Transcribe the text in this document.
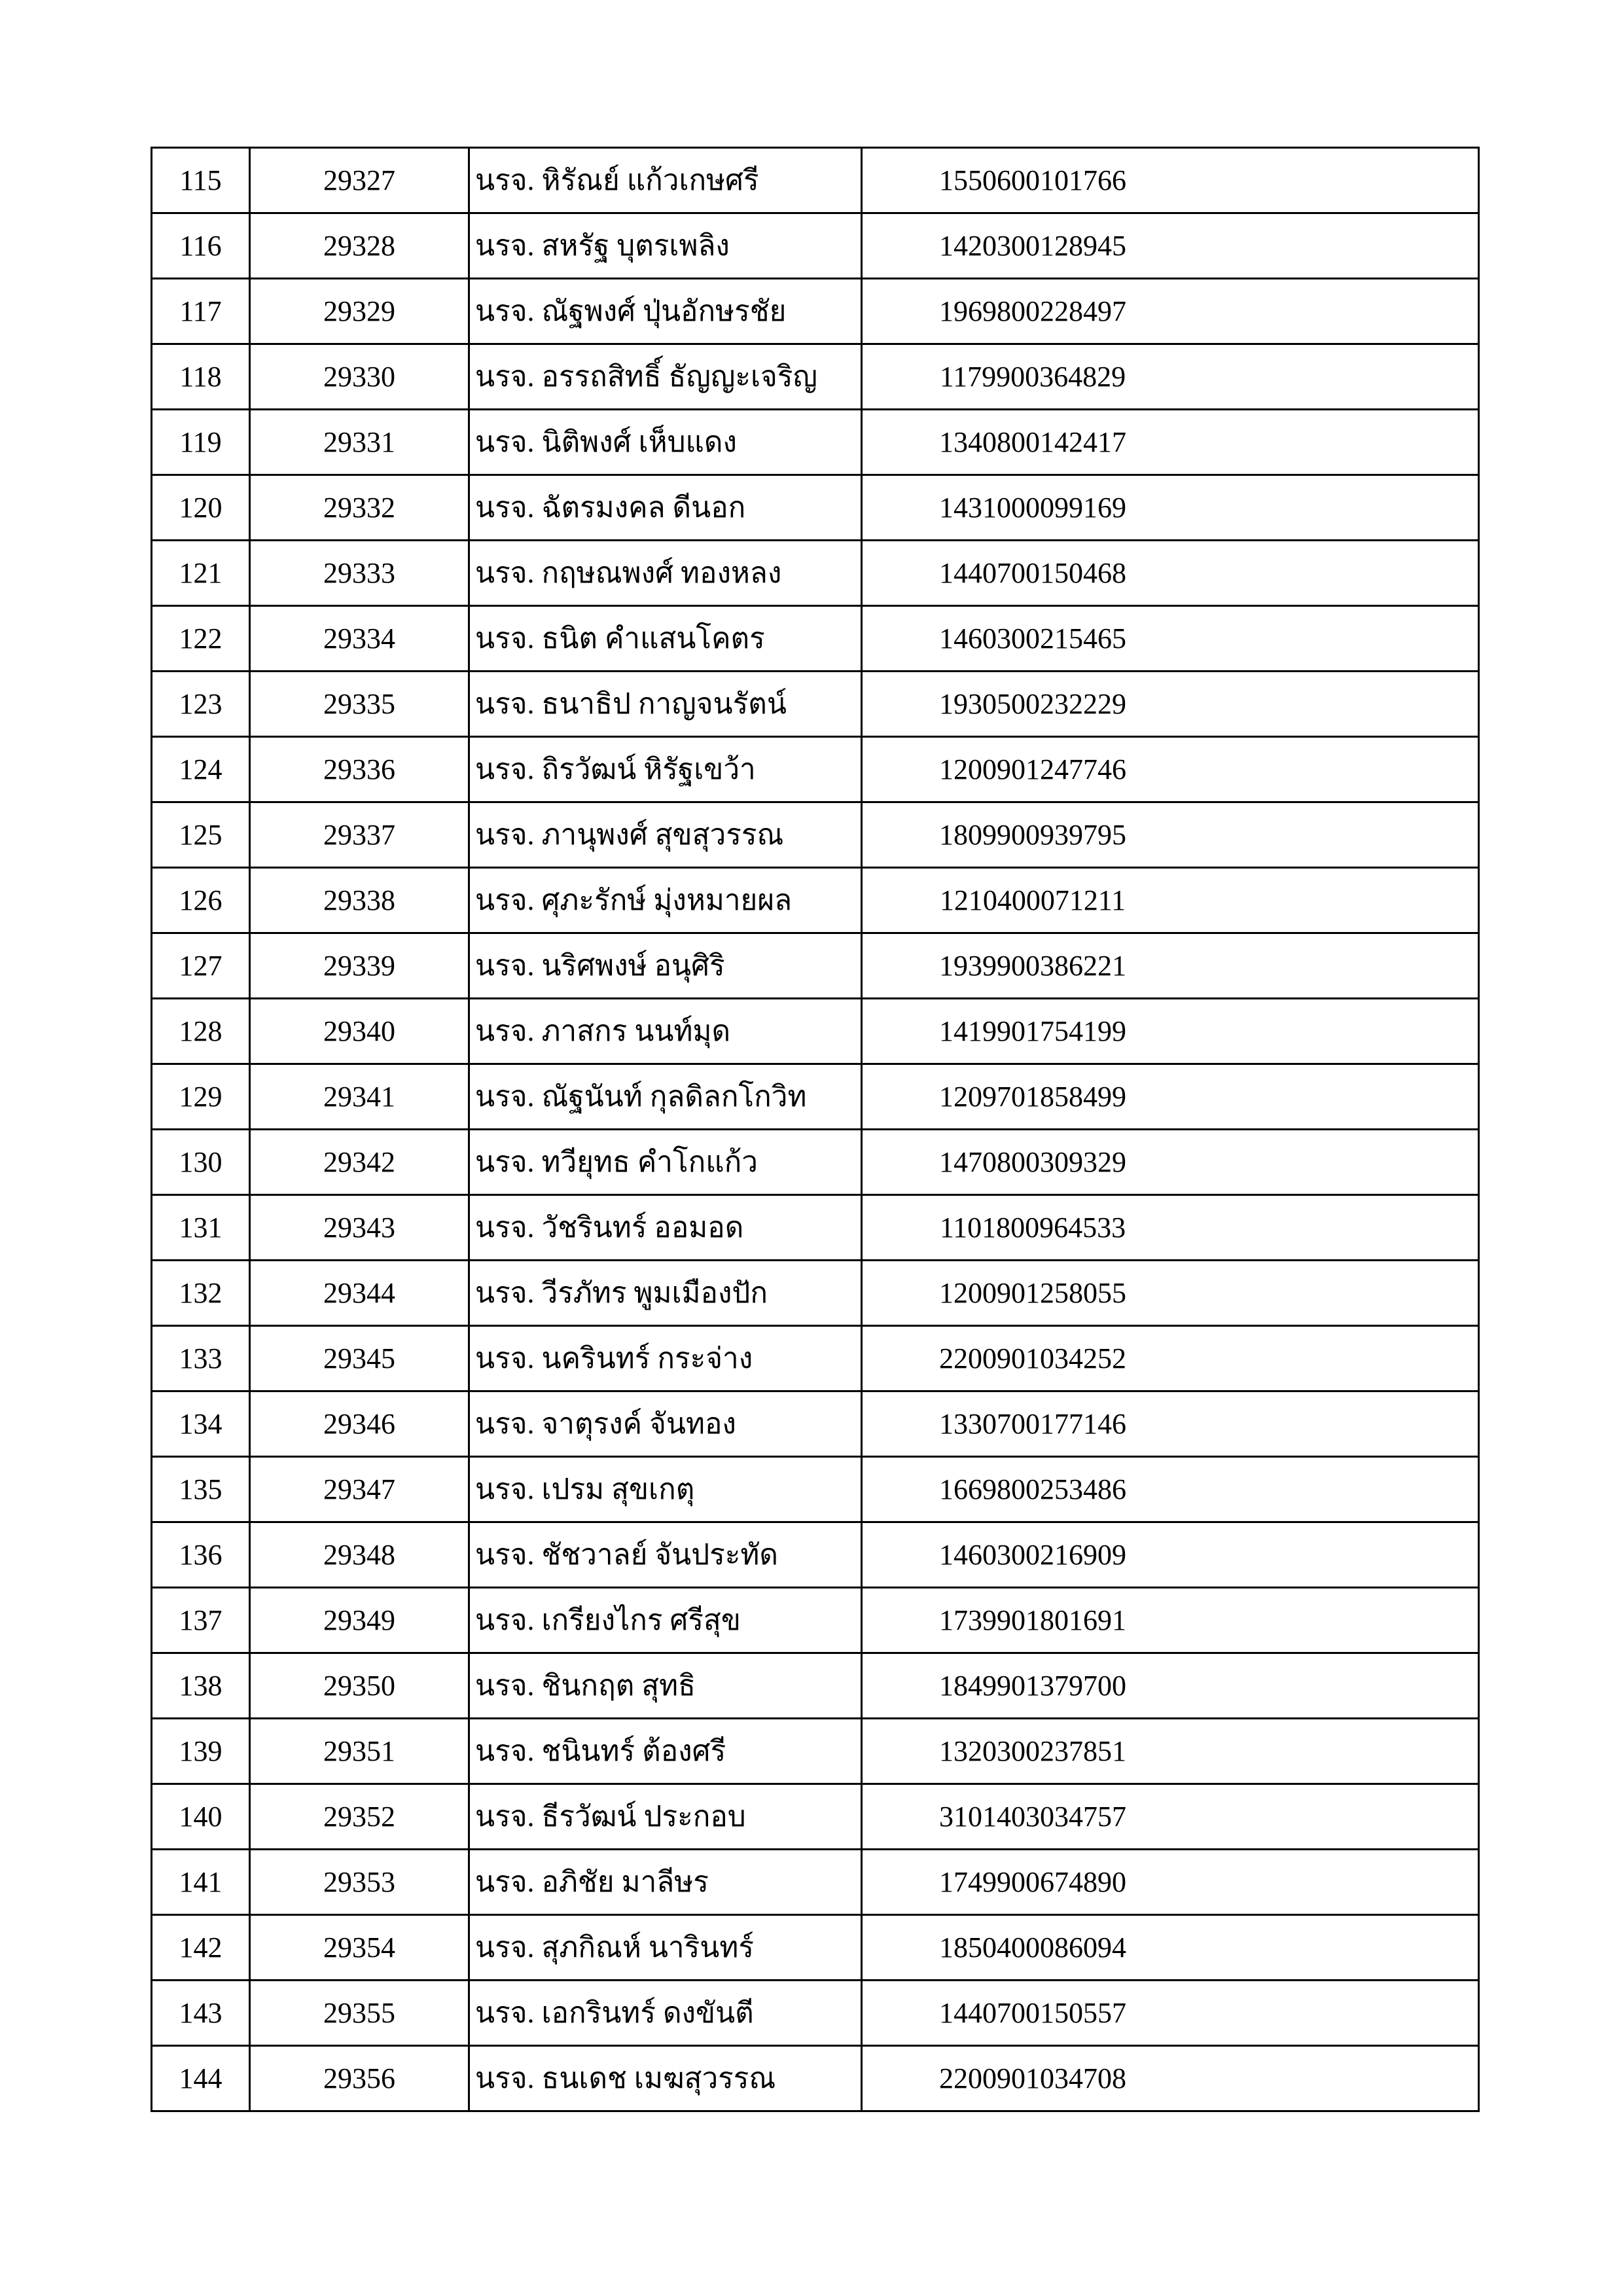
115	29327	นรจ. หิรัณย์ แก้วเกษศรี	1550600101766
116	29328	นรจ. สหรัฐ บุตรเพลิง	1420300128945
117	29329	นรจ. ณัฐพงศ์ ปุ่นอักษรชัย	1969800228497
118	29330	นรจ. อรรถสิทธิ์ ธัญญะเจริญ	1179900364829
119	29331	นรจ. นิติพงศ์ เห็บแดง	1340800142417
120	29332	นรจ. ฉัตรมงคล ดีนอก	1431000099169
121	29333	นรจ. กฤษณพงศ์ ทองหลง	1440700150468
122	29334	นรจ. ธนิต คำแสนโคตร	1460300215465
123	29335	นรจ. ธนาธิป กาญจนรัตน์	1930500232229
124	29336	นรจ. ถิรวัฒน์ หิรัฐเขว้า	1200901247746
125	29337	นรจ. ภานุพงศ์ สุขสุวรรณ	1809900939795
126	29338	นรจ. ศุภะรักษ์ มุ่งหมายผล	1210400071211
127	29339	นรจ. นริศพงษ์ อนุศิริ	1939900386221
128	29340	นรจ. ภาสกร นนท์มุด	1419901754199
129	29341	นรจ. ณัฐนันท์ กุลดิลกโกวิท	1209701858499
130	29342	นรจ. ทวียุทธ คำโกแก้ว	1470800309329
131	29343	นรจ. วัชรินทร์ ออมอด	1101800964533
132	29344	นรจ. วีรภัทร พูมเมืองปัก	1200901258055
133	29345	นรจ. นครินทร์ กระจ่าง	2200901034252
134	29346	นรจ. จาตุรงค์ จันทอง	1330700177146
135	29347	นรจ. เปรม สุขเกตุ	1669800253486
136	29348	นรจ. ชัชวาลย์ จันประทัด	1460300216909
137	29349	นรจ. เกรียงไกร ศรีสุข	1739901801691
138	29350	นรจ. ชินกฤต สุทธิ	1849901379700
139	29351	นรจ. ชนินทร์ ต้องศรี	1320300237851
140	29352	นรจ. ธีรวัฒน์ ประกอบ	3101403034757
141	29353	นรจ. อภิชัย มาลีษร	1749900674890
142	29354	นรจ. สุภกิณห์ นารินทร์	1850400086094
143	29355	นรจ. เอกรินทร์ ดงขันตี	1440700150557
144	29356	นรจ. ธนเดช เมฆสุวรรณ	2200901034708
